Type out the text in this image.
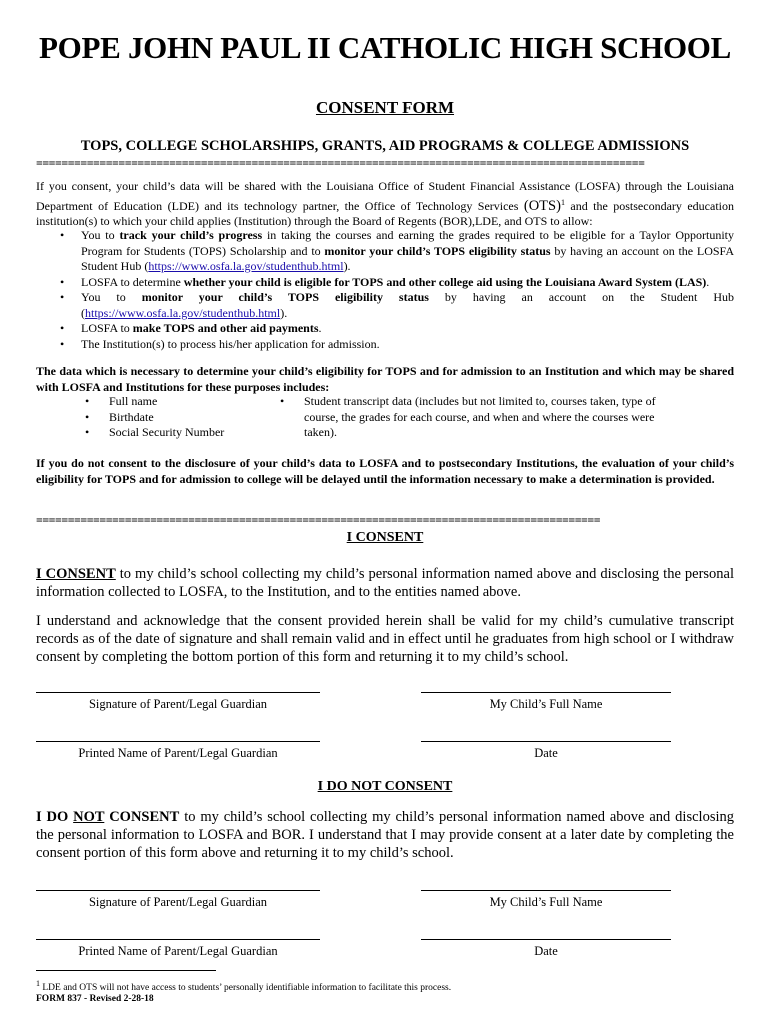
POPE JOHN PAUL II CATHOLIC HIGH SCHOOL
CONSENT FORM
TOPS, COLLEGE SCHOLARSHIPS, GRANTS, AID PROGRAMS & COLLEGE ADMISSIONS
================================================================================================
If you consent, your child’s data will be shared with the Louisiana Office of Student Financial Assistance (LOSFA) through the Louisiana Department of Education (LDE) and its technology partner, the Office of Technology Services (OTS)$^1$ and the postsecondary education institution(s) to which your child applies (Institution) through the Board of Regents (BOR),LDE, and OTS to allow:
• You to track your child’s progress in taking the courses and earning the grades required to be eligible for a Taylor Opportunity Program for Students (TOPS) Scholarship and to monitor your child’s TOPS eligibility status by having an account on the LOSFA Student Hub (https://www.osfa.la.gov/studenthub.html).
• LOSFA to determine whether your child is eligible for TOPS and other college aid using the Louisiana Award System (LAS).
• You to monitor your child’s TOPS eligibility status by having an account on the Student Hub (https://www.osfa.la.gov/studenthub.html).
• LOSFA to make TOPS and other aid payments.
• The Institution(s) to process his/her application for admission.
The data which is necessary to determine your child’s eligibility for TOPS and for admission to an Institution and which may be shared with LOSFA and Institutions for these purposes includes:
• Full name
• Birthdate
• Social Security Number
• Student transcript data (includes but not limited to, courses taken, type of course, the grades for each course, and when and where the courses were taken).
If you do not consent to the disclosure of your child’s data to LOSFA and to postsecondary Institutions, the evaluation of your child’s eligibility for TOPS and for admission to college will be delayed until the information necessary to make a determination is provided.
=========================================================================================
I CONSENT
I CONSENT to my child’s school collecting my child’s personal information named above and disclosing the personal information collected to LOSFA, to the Institution, and to the entities named above.
I understand and acknowledge that the consent provided herein shall be valid for my child’s cumulative transcript records as of the date of signature and shall remain valid and in effect until he graduates from high school or I withdraw consent by completing the bottom portion of this form and returning it to my child’s school.
Signature of Parent/Legal Guardian	My Child’s Full Name
Printed Name of Parent/Legal Guardian	Date
I DO NOT CONSENT
I DO NOT CONSENT to my child’s school collecting my child’s personal information named above and disclosing the personal information to LOSFA and BOR. I understand that I may provide consent at a later date by completing the consent portion of this form above and returning it to my child’s school.
Signature of Parent/Legal Guardian	My Child’s Full Name
Printed Name of Parent/Legal Guardian	Date
$^1$ LDE and OTS will not have access to students’ personally identifiable information to facilitate this process.
FORM 837 - Revised 2-28-18
